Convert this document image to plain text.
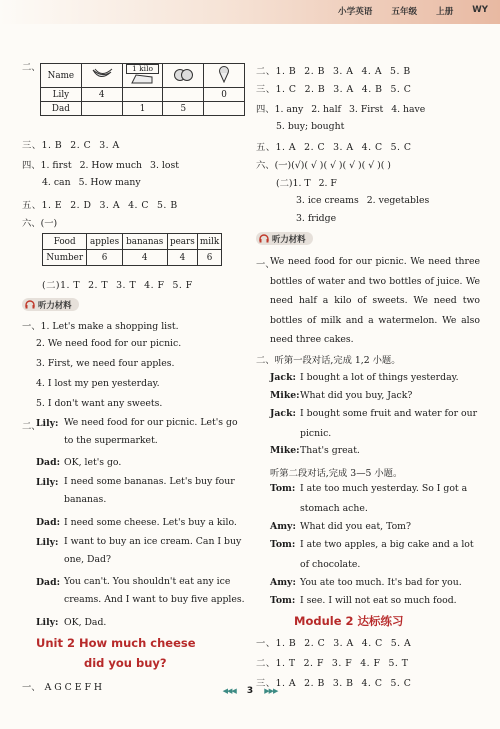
小学英语 五年级 上册 WY
二、
Name		1 kilo

Lily	4			0
Dad		1	5	
三、1. B 2. C 3. A
四、1. first 2. How much 3. lost
4. can 5. How many
五、1. E 2. D 3. A 4. C 5. B
六、(一)
Food	apples	bananas	pears	milk
Number	6	4	4	6
(二)1. T 2. T 3. T 4. F 5. F
听力材料
一、1. Let's make a shopping list.
2. We need food for our picnic.
3. First, we need four apples.
4. I lost my pen yesterday.
5. I don't want any sweets.
二、
Lily: We need food for our picnic. Let's go to the supermarket.
Dad: OK, let's go.
Lily: I need some bananas. Let's buy four bananas.
Dad: I need some cheese. Let's buy a kilo.
Lily: I want to buy an ice cream. Can I buy one, Dad?
Dad: You can't. You shouldn't eat any ice creams. And I want to buy five apples.
Lily: OK, Dad.
Unit 2 How much cheese
did you buy?
一、 A G C E F H
二、1. B 2. B 3. A 4. A 5. B
三、1. C 2. B 3. A 4. B 5. C
四、1. any 2. half 3. First 4. have
5. buy; bought
五、1. A 2. C 3. A 4. C 5. C
六、(一)(√)( √ )( √ )( √ )( √ )( )
(二)1. T 2. F
3. ice creams 2. vegetables
3. fridge
听力材料
一、
We need food for our picnic. We need three bottles of water and two bottles of juice. We need half a kilo of sweets. We need two bottles of milk and a watermelon. We also need three cakes.
二、听第一段对话,完成 1,2 小题。
Jack: I bought a lot of things yesterday.
Mike: What did you buy, Jack?
Jack: I bought some fruit and water for our picnic.
Mike: That's great.
听第二段对话,完成 3—5 小题。
Tom: I ate too much yesterday. So I got a stomach ache.
Amy: What did you eat, Tom?
Tom: I ate two apples, a big cake and a lot of chocolate.
Amy: You ate too much. It's bad for you.
Tom: I see. I will not eat so much food.
Module 2 达标练习
一、1. B 2. C 3. A 4. C 5. A
二、1. T 2. F 3. F 4. F 5. T
三、1. A 2. B 3. B 4. C 5. C
◀◀◀ 3 ▶▶▶
